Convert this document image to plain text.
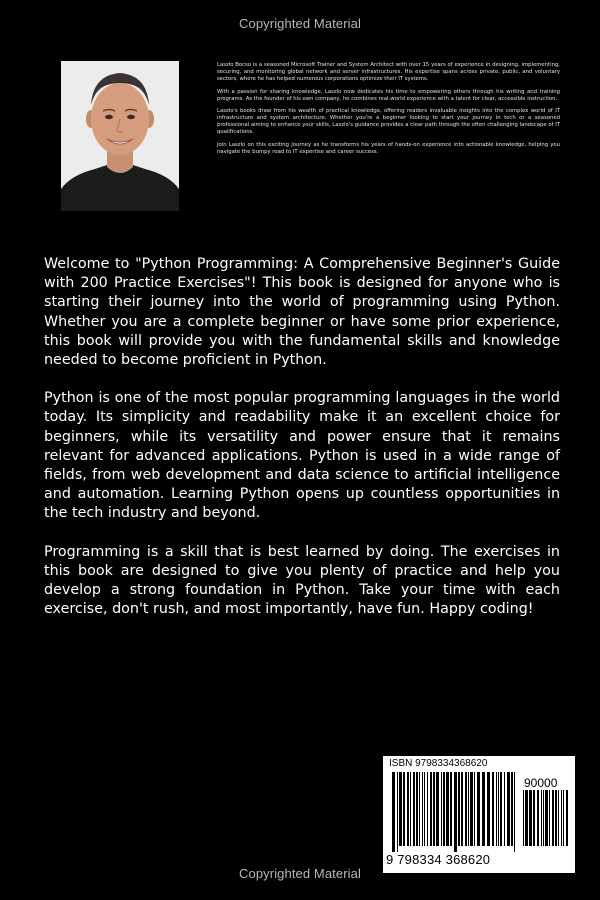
Copyrighted Material

Laszlo Bocso is a seasoned Microsoft Trainer and System Architect with over 15 years of experience in designing, implementing, securing, and monitoring global network and server infrastructures. His expertise spans across private, public, and voluntary sectors, where he has helped numerous corporations optimize their IT systems.

With a passion for sharing knowledge, Laszlo now dedicates his time to empowering others through his writing and training programs. As the founder of his own company, he combines real-world experience with a talent for clear, accessible instruction.

Laszlo's books draw from his wealth of practical knowledge, offering readers invaluable insights into the complex world of IT infrastructure and system architecture. Whether you're a beginner looking to start your journey in tech or a seasoned professional aiming to enhance your skills, Laszlo's guidance provides a clear path through the often challenging landscape of IT qualifications.

Join Laszlo on this exciting journey as he transforms his years of hands-on experience into actionable knowledge, helping you navigate the bumpy road to IT expertise and career success.

Welcome to "Python Programming: A Comprehensive Beginner's Guide with 200 Practice Exercises"! This book is designed for anyone who is starting their journey into the world of programming using Python. Whether you are a complete beginner or have some prior experience, this book will provide you with the fundamental skills and knowledge needed to become proficient in Python.

Python is one of the most popular programming languages in the world today. Its simplicity and readability make it an excellent choice for beginners, while its versatility and power ensure that it remains relevant for advanced applications. Python is used in a wide range of fields, from web development and data science to artificial intelligence and automation. Learning Python opens up countless opportunities in the tech industry and beyond.

Programming is a skill that is best learned by doing. The exercises in this book are designed to give you plenty of practice and help you develop a strong foundation in Python. Take your time with each exercise, don't rush, and most importantly, have fun. Happy coding!

ISBN 9798334368620
90000
9 798334 368620
Copyrighted Material
